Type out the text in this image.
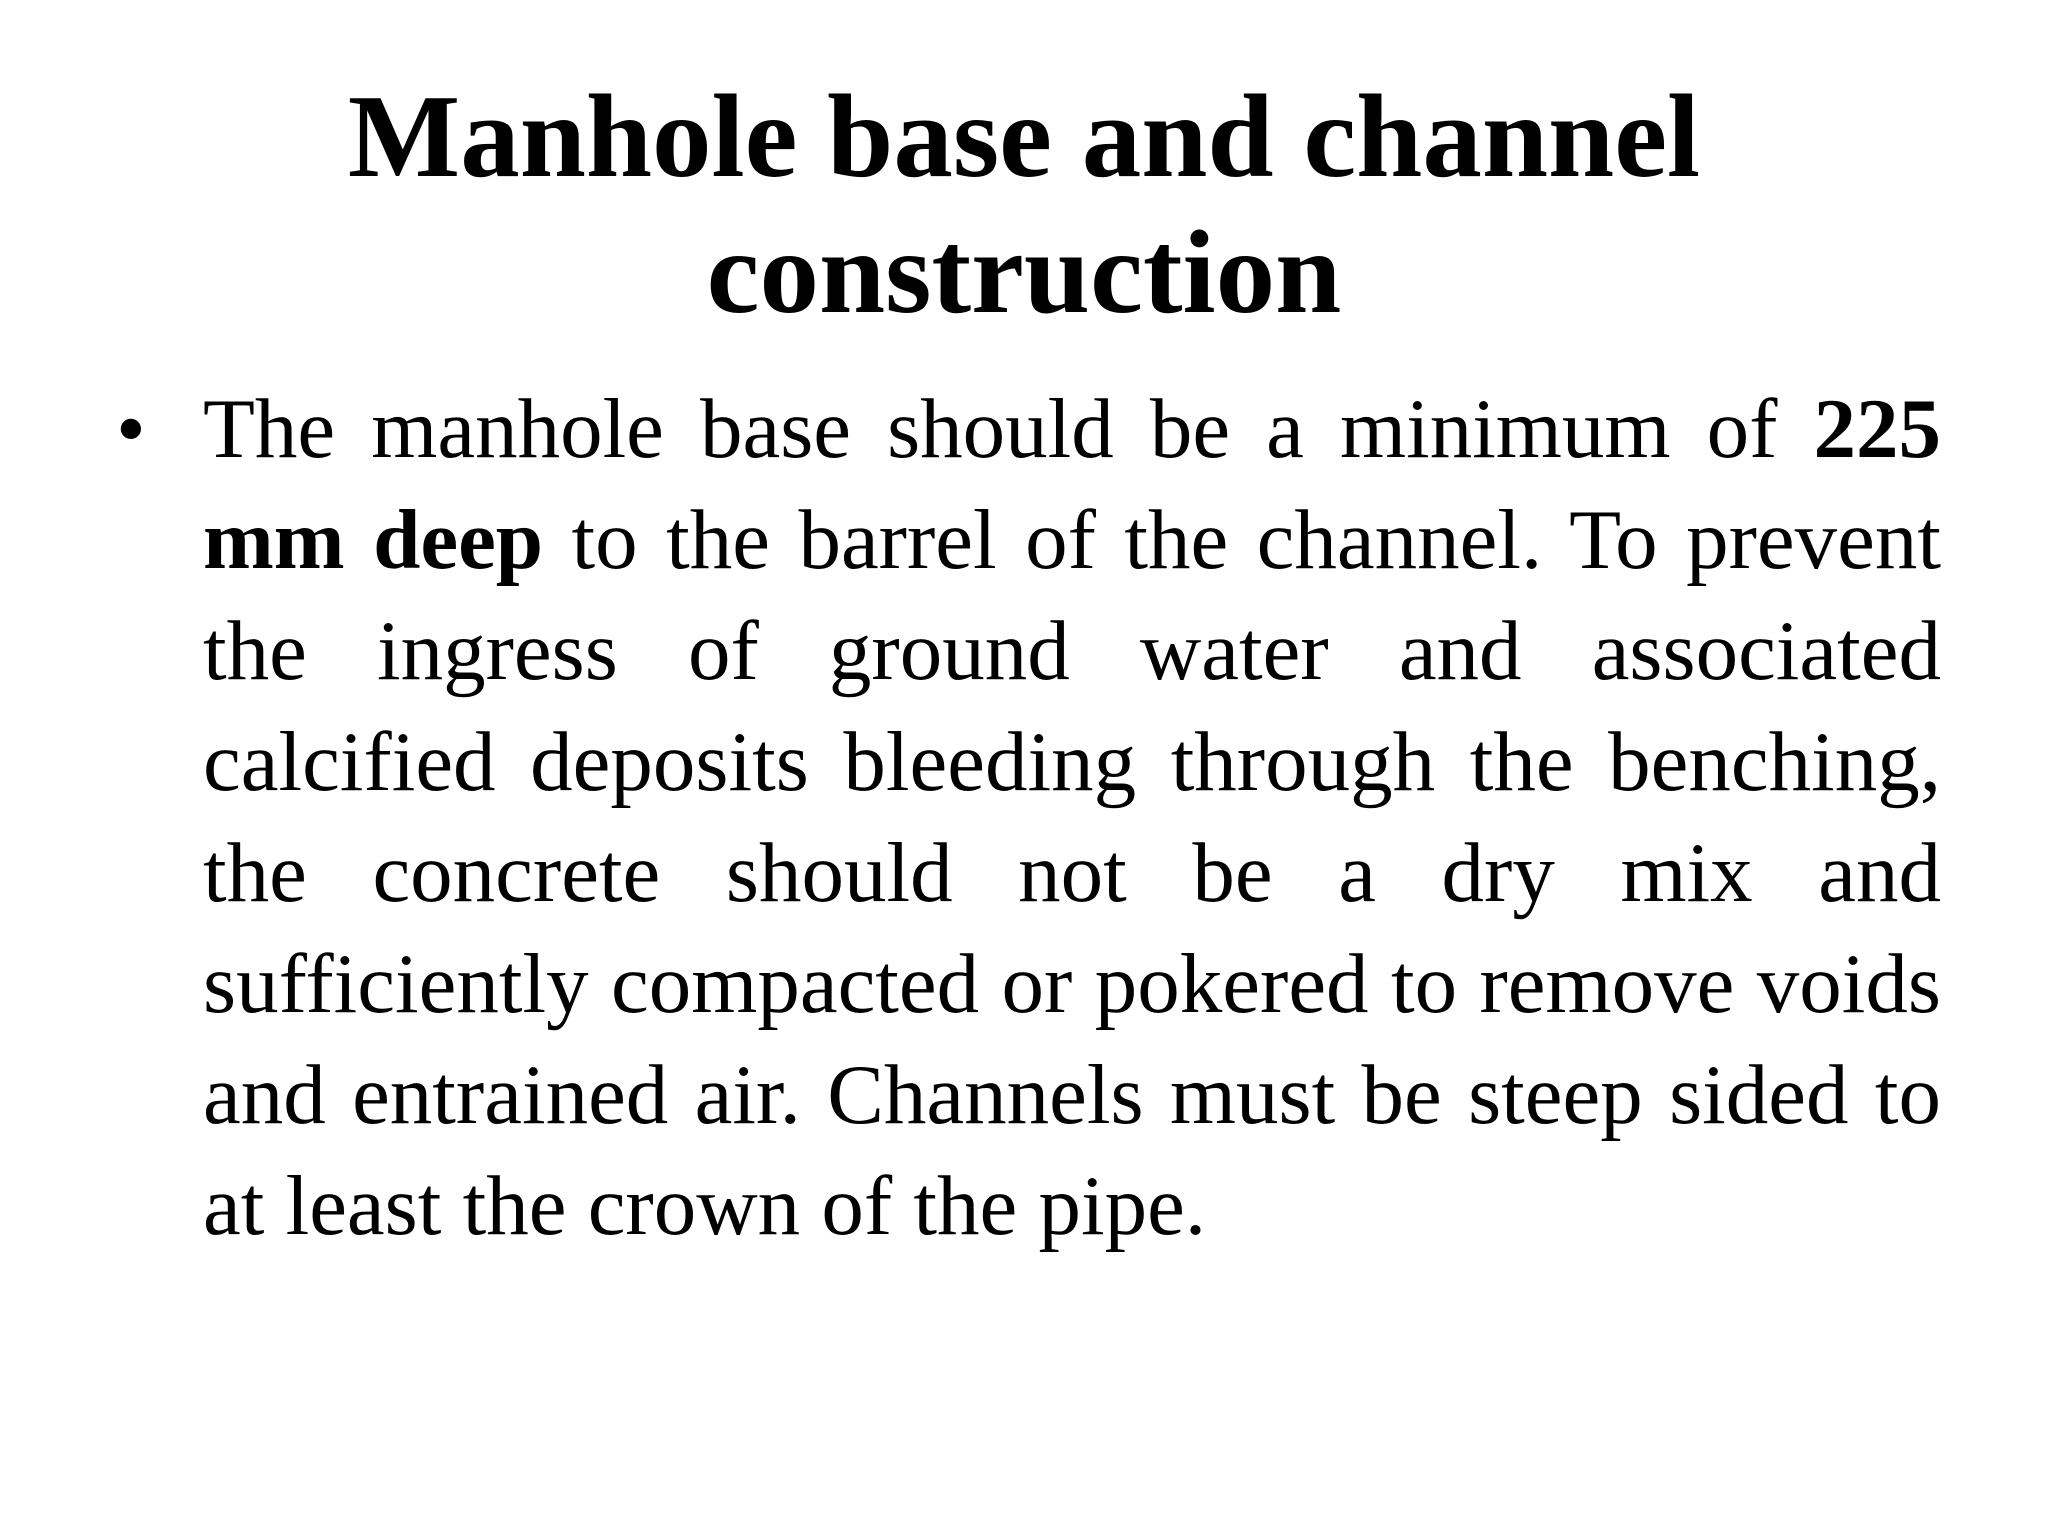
Manhole base and channel
construction
• The manhole base should be a minimum of 225 mm deep to the barrel of the channel. To prevent the ingress of ground water and associated calcified deposits bleeding through the benching, the concrete should not be a dry mix and sufficiently compacted or pokered to remove voids and entrained air. Channels must be steep sided to at least the crown of the pipe.
